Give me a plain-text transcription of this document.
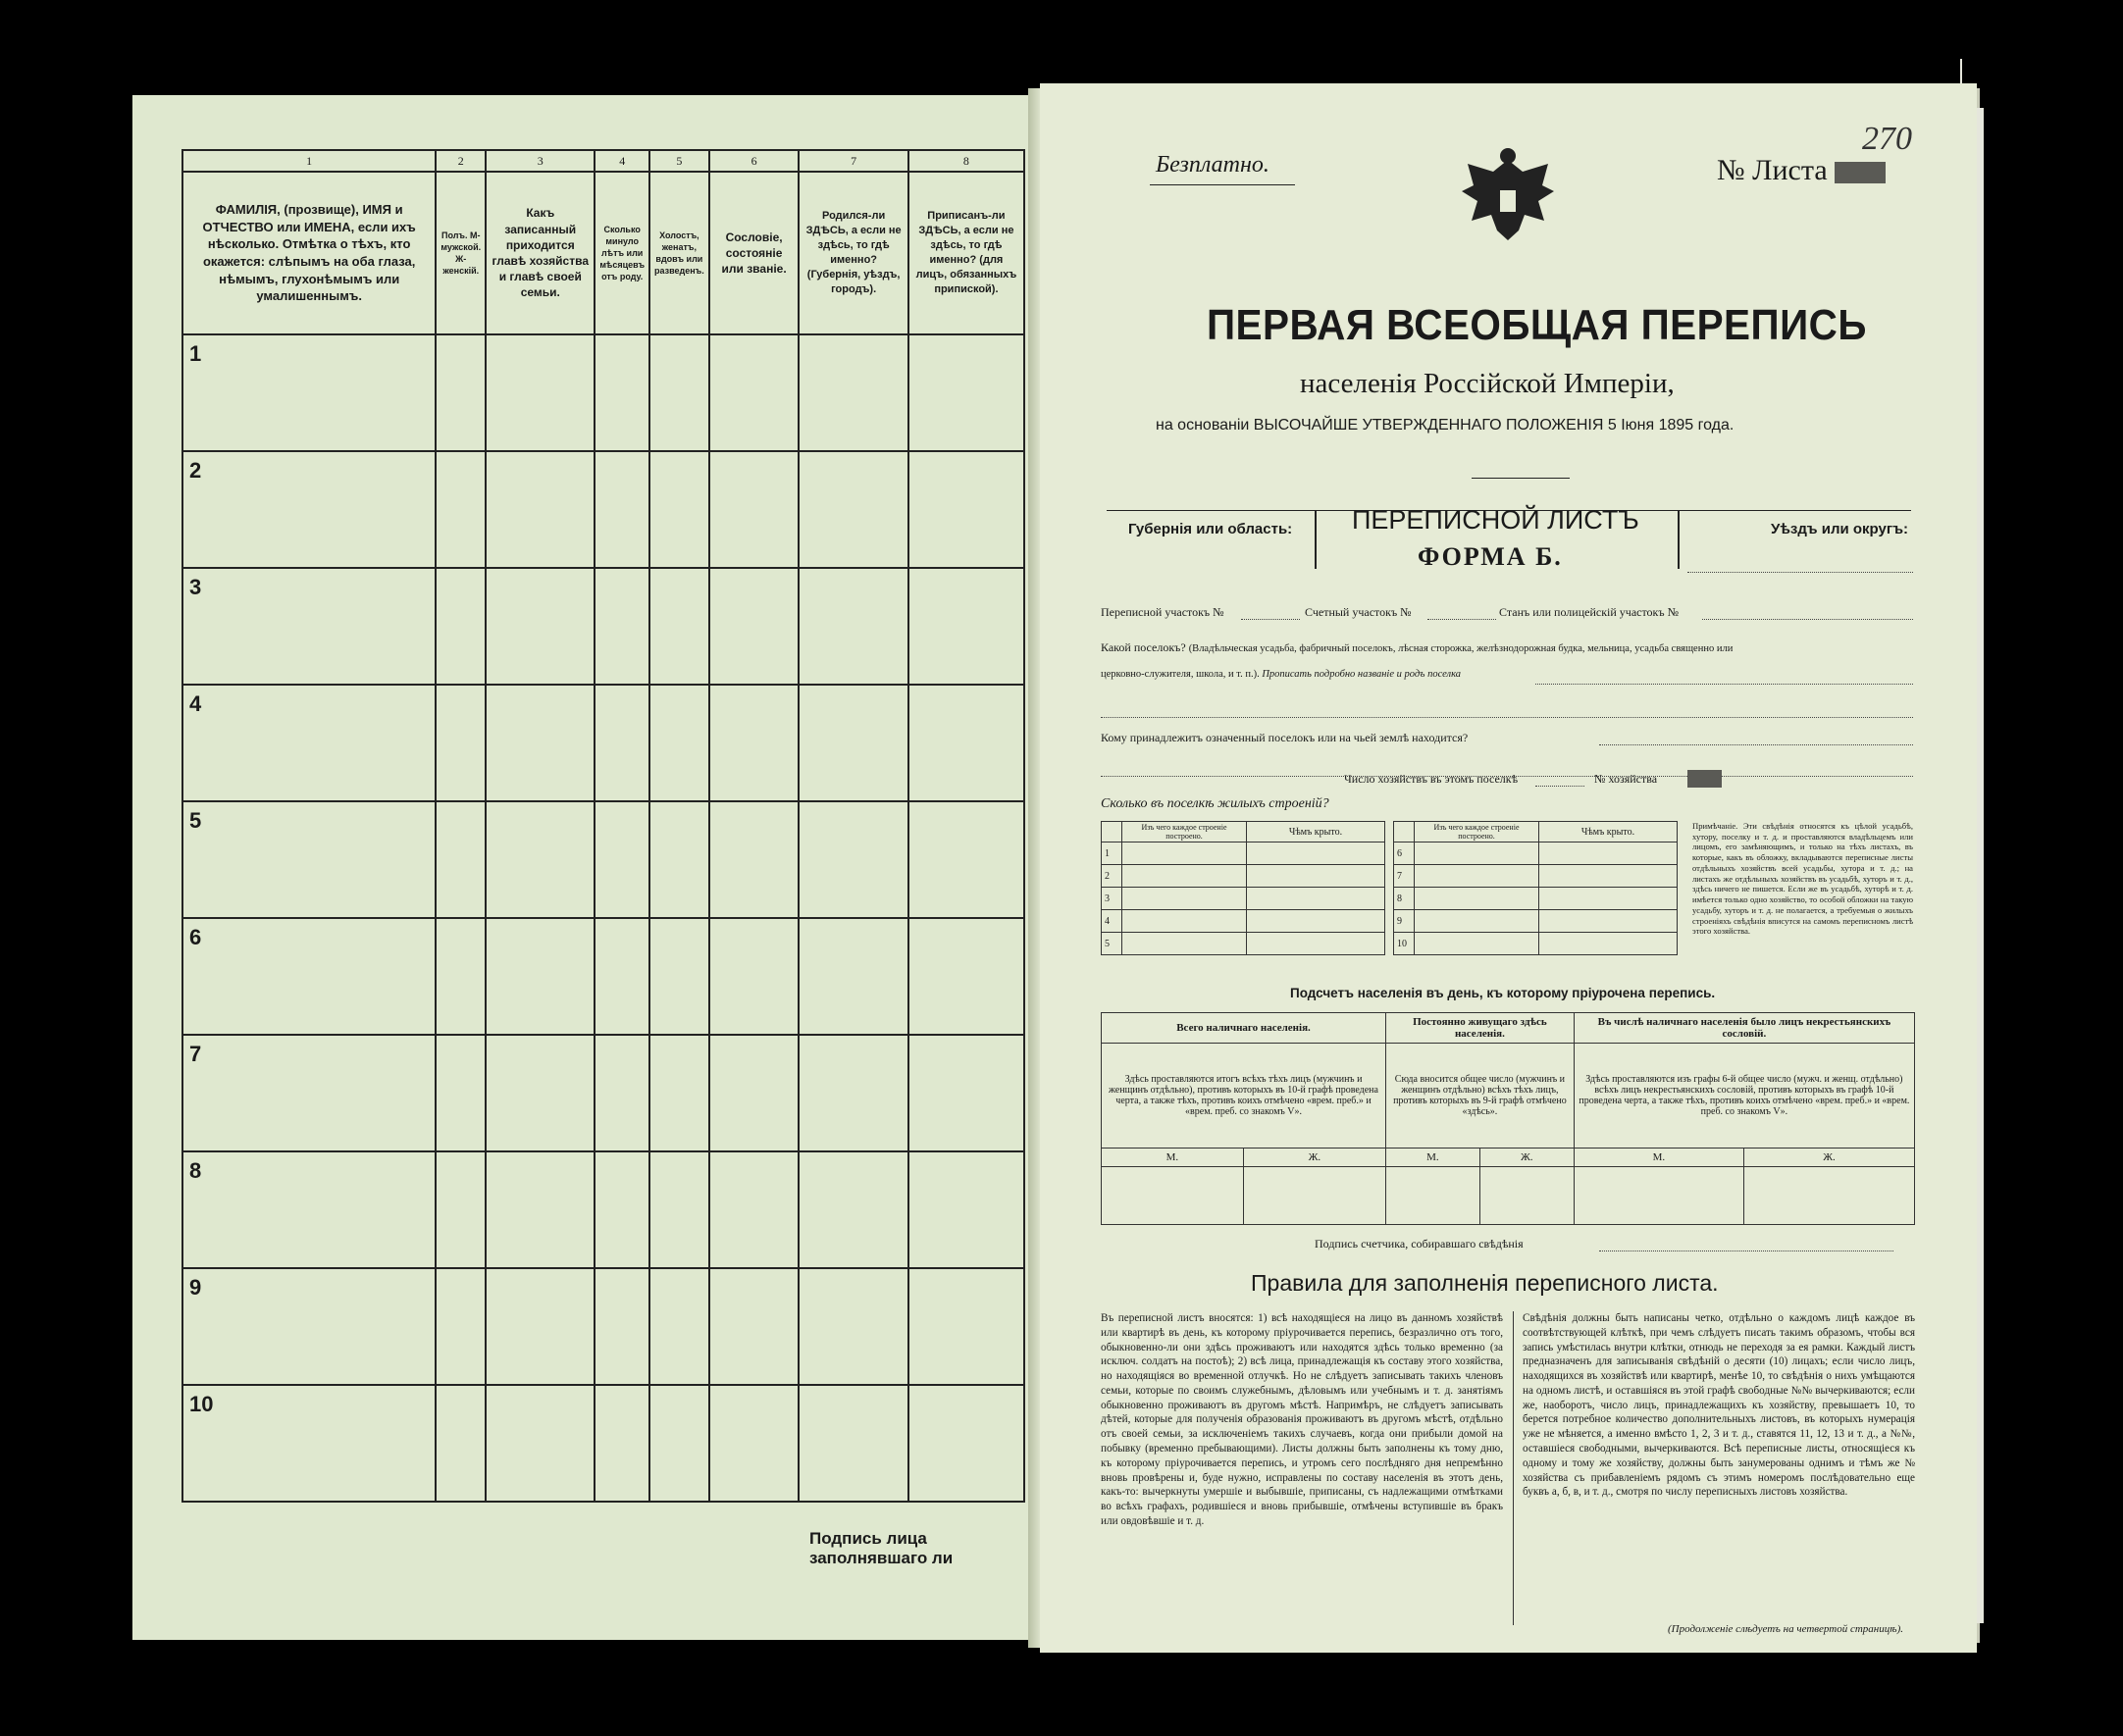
1	2	3	4	5	6	7	8
ФАМИЛІЯ, (прозвище), ИМЯ и ОТЧЕСТВО или ИМЕНА, если ихъ нѣсколько. Отмѣтка о тѣхъ, кто окажется: слѣпымъ на оба глаза, нѣмымъ, глухонѣмымъ или умалишеннымъ.	Полъ. М-мужской. Ж-женскій.	Какъ записанный приходится главѣ хозяйства и главѣ своей семьи.	Сколько минуло лѣтъ или мѣсяцевъ отъ роду.	Холостъ, женатъ, вдовъ или разведенъ.	Сословіе, состояніе или званіе.	Родился-ли ЗДѢСЬ, а если не здѣсь, то гдѣ именно? (Губернія, уѣздъ, городъ).	Приписанъ-ли ЗДѢСЬ, а если не здѣсь, то гдѣ именно? (для лицъ, обязанныхъ припиской).
1							
2							
3							
4							
5							
6							
7							
8							
9							
10							
Подпись лица заполнявшаго ли
Безплатно.	№ Листа
270
ПЕРВАЯ ВСЕОБЩАЯ ПЕРЕПИСЬ
населенія Россійской Имперіи,
на основаніи ВЫСОЧАЙШЕ УТВЕРЖДЕННАГО ПОЛОЖЕНІЯ 5 Іюня 1895 года.
Губернія или область: ПЕРЕПИСНОЙ ЛИСТЪ
ФОРМА Б.
Уѣздъ или округъ:
Переписной участокъ №	Счетный участокъ №	Станъ или полицейскій участокъ №
Какой поселокъ? (Владѣльческая усадьба, фабричный поселокъ, лѣсная сторожка, желѣзнодорожная будка, мельница, усадьба священно или
церковно-служителя, школа, и т. п.). Прописать подробно названіе и родъ поселка
Кому принадлежитъ означенный поселокъ или на чьей землѣ находится?
Число хозяйствъ въ этомъ поселкѣ	№ хозяйства
Сколько въ поселкѣ жилыхъ строеній?
	Изъ чего каждое строеніе построено.	Чѣмъ крыто.
1		
2		
3		
4		
5		
	Изъ чего каждое строеніе построено.	Чѣмъ крыто.
6		
7		
8		
9		
10		
Примѣчаніе. Эти свѣдѣнія относятся къ цѣлой усадьбѣ, хутору, поселку и т. д. и проставляются владѣльцемъ или лицомъ, его замѣняющимъ, и только на тѣхъ листахъ, въ которые, какъ въ обложку, вкладываются переписные листы отдѣльныхъ хозяйствъ всей усадьбы, хутора и т. д.; на листахъ же отдѣльныхъ хозяйствъ въ усадьбѣ, хуторъ и т. д., здѣсь ничего не пишется. Если же въ усадьбѣ, хуторѣ и т. д. имѣется только одно хозяйство, то особой обложки на такую усадьбу, хуторъ и т. д. не полагается, а требуемыя о жилыхъ строеніяхъ свѣдѣнія вписутся на самомъ переписномъ листѣ этого хозяйства.
Подсчетъ населенія въ день, къ которому пріурочена перепись.
Всего наличнаго населенія.		Постоянно живущаго здѣсь населенія.		Въ числѣ наличнаго населенія было лицъ некрестьянскихъ сословій.	
Здѣсь проставляются итогъ всѣхъ тѣхъ лицъ (мужчинъ и женщинъ отдѣльно), противъ которыхъ въ 10-й графѣ проведена черта, а также тѣхъ, противъ коихъ отмѣчено «врем. преб.» и «врем. преб. со знакомъ V».		Сюда вносится общее число (мужчинъ и женщинъ отдѣльно) всѣхъ тѣхъ лицъ, противъ которыхъ въ 9-й графѣ отмѣчено «здѣсь».		Здѣсь проставляются изъ графы 6-й общее число (мужч. и женщ. отдѣльно) всѣхъ лицъ некрестьянскихъ сословій, противъ которыхъ въ графѣ 10-й проведена черта, а также тѣхъ, противъ коихъ отмѣчено «врем. преб.» и «врем. преб. со знакомъ V».	
М.	Ж.	М.	Ж.	М.	Ж.

Подпись счетчика, собиравшаго свѣдѣнія
Правила для заполненія переписного листа.
Въ переписной листъ вносятся: 1) всѣ находящіеся на лицо въ данномъ хозяйствѣ или квартирѣ въ день, къ которому пріурочивается перепись, безразлично отъ того, обыкновенно-ли они здѣсь проживаютъ или находятся здѣсь только временно (за исключ. солдатъ на постоѣ); 2) всѣ лица, принадлежащія къ составу этого хозяйства, но находящіяся во временной отлучкѣ. Но не слѣдуетъ записывать такихъ членовъ семьи, которые по своимъ служебнымъ, дѣловымъ или учебнымъ и т. д. занятіямъ обыкновенно проживаютъ въ другомъ мѣстѣ. Напримѣръ, не слѣдуетъ записывать дѣтей, которые для полученія образованія проживаютъ въ другомъ мѣстѣ, отдѣльно отъ своей семьи, за исключеніемъ такихъ случаевъ, когда они прибыли домой на побывку (временно пребывающими). Листы должны быть заполнены къ тому дню, къ которому пріурочивается перепись, и утромъ сего послѣдняго дня непремѣнно вновь провѣрены и, буде нужно, исправлены по составу населенія въ этотъ день, какъ-то: вычеркнуты умершіе и выбывшіе, приписаны, съ надлежащими отмѣтками во всѣхъ графахъ, родившіеся и вновь прибывшіе, отмѣчены вступившіе въ бракъ или овдовѣвшіе и т. д.
Свѣдѣнія должны быть написаны четко, отдѣльно о каждомъ лицѣ каждое въ соотвѣтствующей клѣткѣ, при чемъ слѣдуетъ писать такимъ образомъ, чтобы вся запись умѣстилась внутри клѣтки, отнюдь не переходя за ея рамки. Каждый листъ предназначенъ для записыванія свѣдѣній о десяти (10) лицахъ; если число лицъ, находящихся въ хозяйствѣ или квартирѣ, менѣе 10, то свѣдѣнія о нихъ умѣщаются на одномъ листѣ, и оставшіяся въ этой графѣ свободные №№ вычеркиваются; если же, наоборотъ, число лицъ, принадлежащихъ къ хозяйству, превышаетъ 10, то берется потребное количество дополнительныхъ листовъ, въ которыхъ нумерація уже не мѣняется, а именно вмѣсто 1, 2, 3 и т. д., ставятся 11, 12, 13 и т. д., а №№, оставшіеся свободными, вычеркиваются. Всѣ переписные листы, относящіеся къ одному и тому же хозяйству, должны быть занумерованы однимъ и тѣмъ же № хозяйства съ прибавленіемъ рядомъ съ этимъ номеромъ послѣдовательно еще буквъ а, б, в, и т. д., смотря по числу переписныхъ листовъ хозяйства.
(Продолженіе слѣдуетъ на четвертой страницѣ).
